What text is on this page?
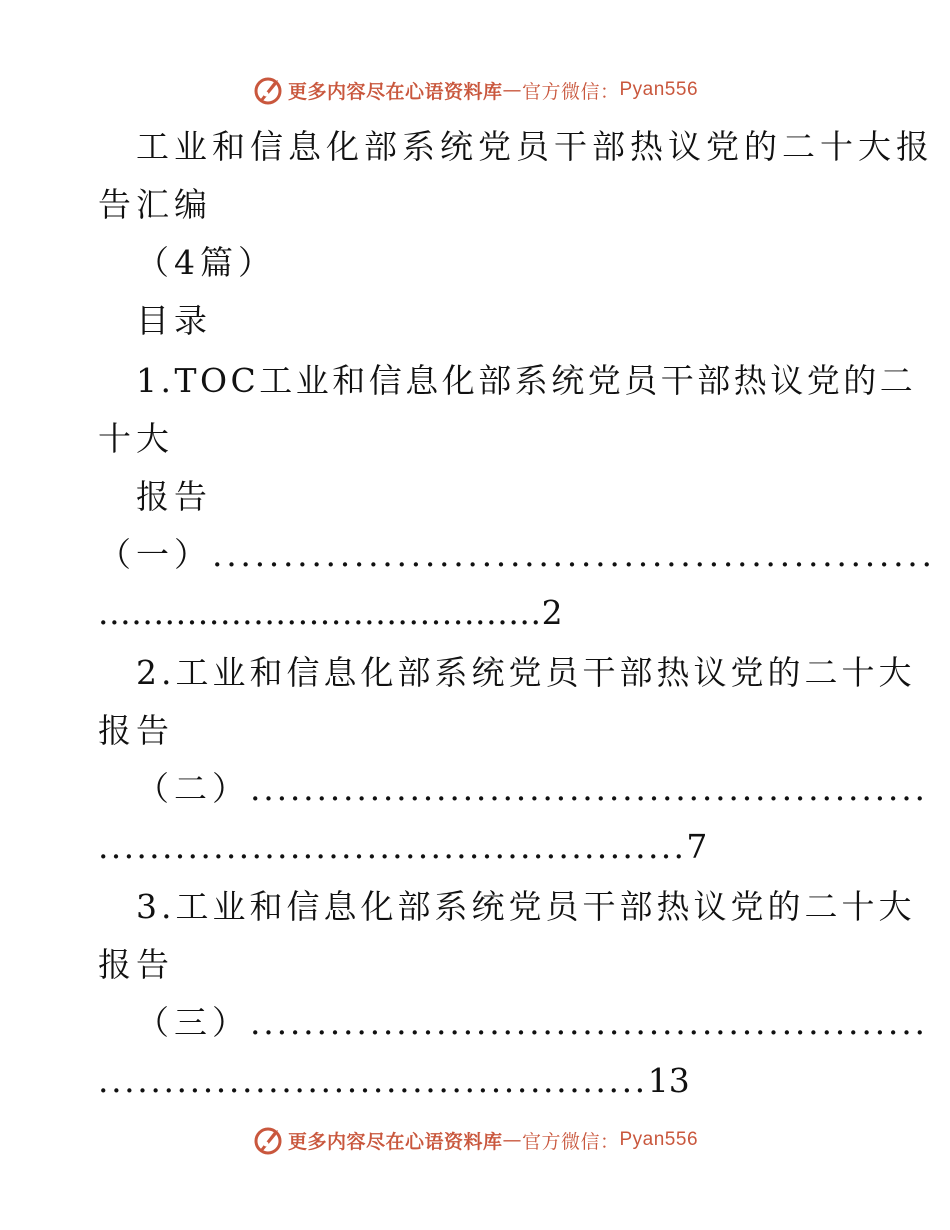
更多内容尽在心语资料库 — 官方微信： Pyan556
工业和信息化部系统党员干部热议党的二十大报
告汇编
（4篇）
目录
1.TOC工业和信息化部系统党员干部热议党的二
十大
报告
（一）...................................................
........................................2
2.工业和信息化部系统党员干部热议党的二十大
报告
（二）...................................................
..............................................7
3.工业和信息化部系统党员干部热议党的二十大
报告
（三）...................................................
..........................................13
更多内容尽在心语资料库 — 官方微信： Pyan556
